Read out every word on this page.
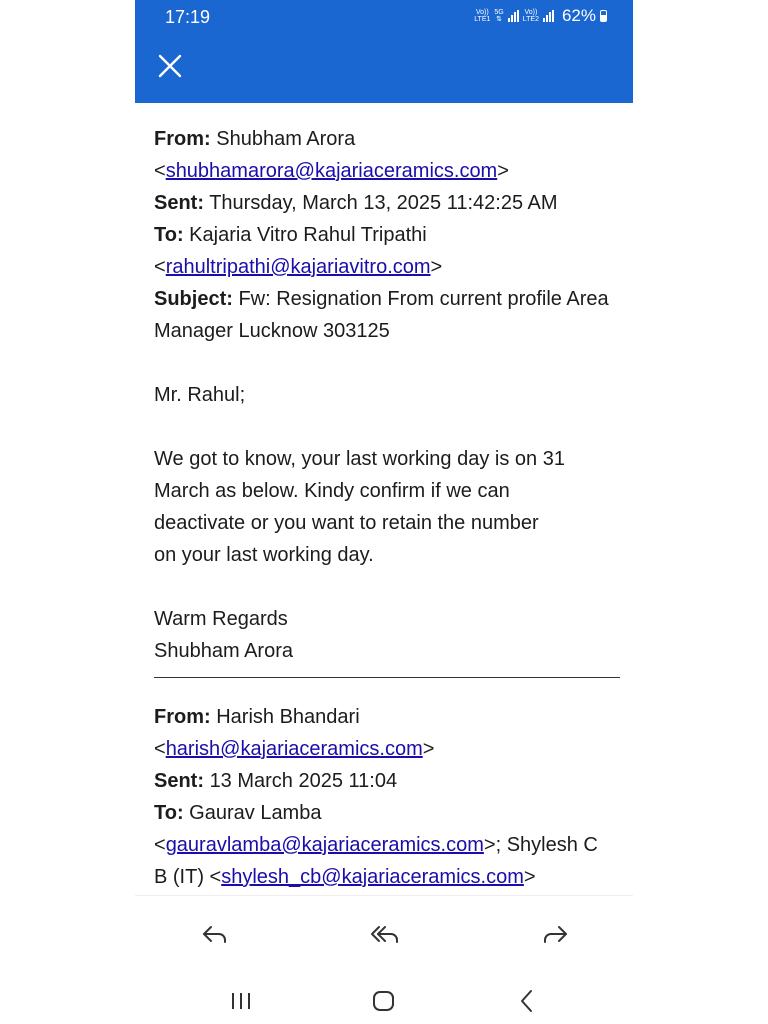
17:19	Vo))
LTE1
5G
⇅
Vo))
LTE2 62%
From: Shubham Arora
<shubhamarora@kajariaceramics.com>
Sent: Thursday, March 13, 2025 11:42:25 AM
To: Kajaria Vitro Rahul Tripathi
<rahultripathi@kajariavitro.com>
Subject: Fw: Resignation From current profile Area
Manager Lucknow 303125
Mr. Rahul;
We got to know, your last working day is on 31
March as below. Kindy confirm if we can
deactivate or you want to retain the number
on your last working day.
Warm Regards
Shubham Arora
From: Harish Bhandari
<harish@kajariaceramics.com>
Sent: 13 March 2025 11:04
To: Gaurav Lamba
<gauravlamba@kajariaceramics.com>; Shylesh C
B (IT) <shylesh_cb@kajariaceramics.com>
